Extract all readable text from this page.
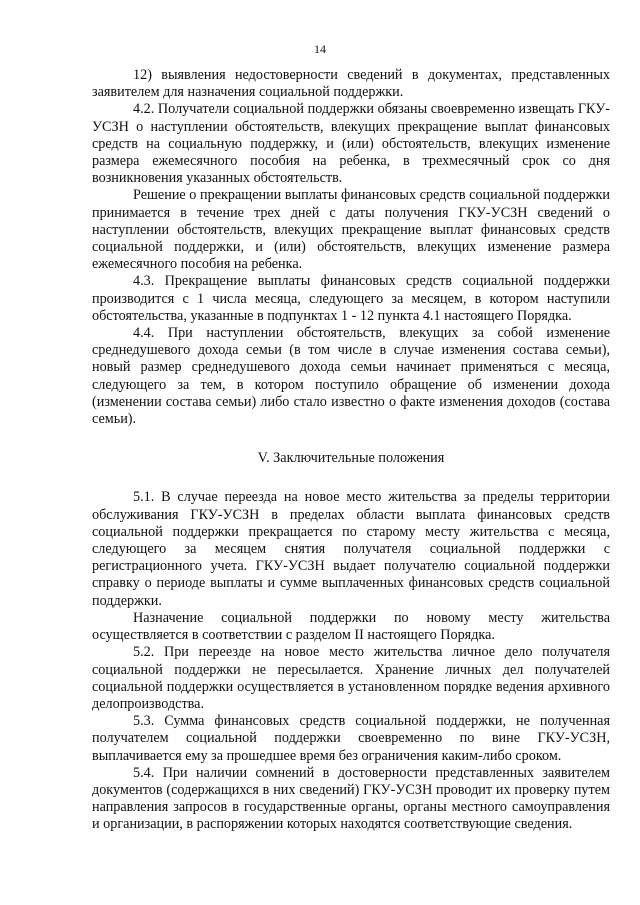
14

12) выявления недостоверности сведений в документах, представленных заявителем для назначения социальной поддержки.

4.2. Получатели социальной поддержки обязаны своевременно извещать ГКУ-УСЗН о наступлении обстоятельств, влекущих прекращение выплат финансовых средств на социальную поддержку, и (или) обстоятельств, влекущих изменение размера ежемесячного пособия на ребенка, в трехмесячный срок со дня возникновения указанных обстоятельств.

Решение о прекращении выплаты финансовых средств социальной поддержки принимается в течение трех дней с даты получения ГКУ-УСЗН сведений о наступлении обстоятельств, влекущих прекращение выплат финансовых средств социальной поддержки, и (или) обстоятельств, влекущих изменение размера ежемесячного пособия на ребенка.

4.3. Прекращение выплаты финансовых средств социальной поддержки производится с 1 числа месяца, следующего за месяцем, в котором наступили обстоятельства, указанные в подпунктах 1 - 12 пункта 4.1 настоящего Порядка.

4.4. При наступлении обстоятельств, влекущих за собой изменение среднедушевого дохода семьи (в том числе в случае изменения состава семьи), новый размер среднедушевого дохода семьи начинает применяться с месяца, следующего за тем, в котором поступило обращение об изменении дохода (изменении состава семьи) либо стало известно о факте изменения доходов (состава семьи).

V. Заключительные положения

5.1. В случае переезда на новое место жительства за пределы территории обслуживания ГКУ-УСЗН в пределах области выплата финансовых средств социальной поддержки прекращается по старому месту жительства с месяца, следующего за месяцем снятия получателя социальной поддержки с регистрационного учета. ГКУ-УСЗН выдает получателю социальной поддержки справку о периоде выплаты и сумме выплаченных финансовых средств социальной поддержки.

Назначение социальной поддержки по новому месту жительства осуществляется в соответствии с разделом II настоящего Порядка.

5.2. При переезде на новое место жительства личное дело получателя социальной поддержки не пересылается. Хранение личных дел получателей социальной поддержки осуществляется в установленном порядке ведения архивного делопроизводства.

5.3. Сумма финансовых средств социальной поддержки, не полученная получателем социальной поддержки своевременно по вине ГКУ-УСЗН, выплачивается ему за прошедшее время без ограничения каким-либо сроком.

5.4. При наличии сомнений в достоверности представленных заявителем документов (содержащихся в них сведений) ГКУ-УСЗН проводит их проверку путем направления запросов в государственные органы, органы местного самоуправления и организации, в распоряжении которых находятся соответствующие сведения.
